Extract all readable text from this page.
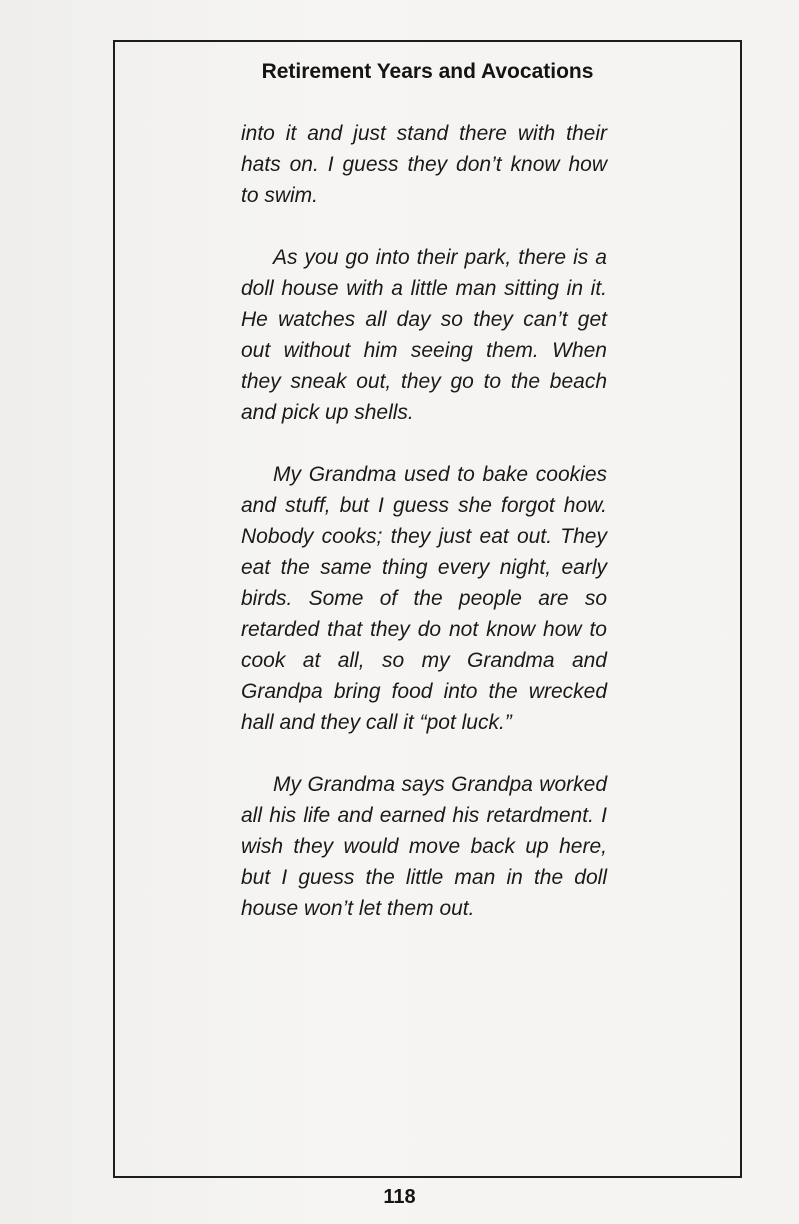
Retirement Years and Avocations

into it and just stand there with their hats on. I guess they don’t know how to swim.

As you go into their park, there is a doll house with a little man sitting in it. He watches all day so they can’t get out without him seeing them. When they sneak out, they go to the beach and pick up shells.

My Grandma used to bake cookies and stuff, but I guess she forgot how. Nobody cooks; they just eat out. They eat the same thing every night, early birds. Some of the people are so retarded that they do not know how to cook at all, so my Grandma and Grandpa bring food into the wrecked hall and they call it “pot luck.”

My Grandma says Grandpa worked all his life and earned his retardment. I wish they would move back up here, but I guess the little man in the doll house won’t let them out.

118
